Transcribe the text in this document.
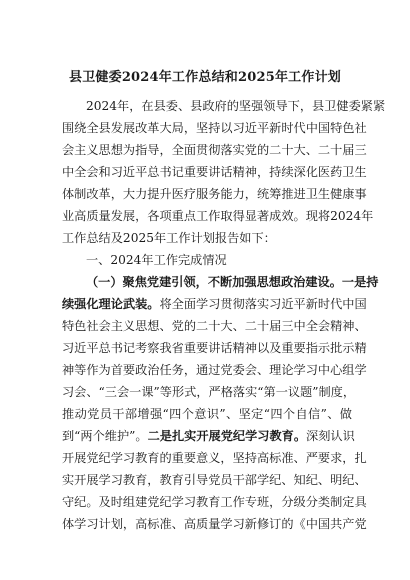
县卫健委2024年工作总结和2025年工作计划
2024年，在县委、县政府的坚强领导下，县卫健委紧紧
围绕全县发展改革大局，坚持以习近平新时代中国特色社
会主义思想为指导，全面贯彻落实党的二十大、二十届三
中全会和习近平总书记重要讲话精神，持续深化医药卫生
体制改革，大力提升医疗服务能力，统筹推进卫生健康事
业高质量发展，各项重点工作取得显著成效。现将2024年
工作总结及2025年工作计划报告如下：
一、2024年工作完成情况
（一）聚焦党建引领，不断加强思想政治建设。一是持
续强化理论武装。将全面学习贯彻落实习近平新时代中国
特色社会主义思想、党的二十大、二十届三中全会精神、
习近平总书记考察我省重要讲话精神以及重要指示批示精
神等作为首要政治任务，通过党委会、理论学习中心组学
习会、“三会一课”等形式，严格落实“第一议题”制度，
推动党员干部增强“四个意识”、坚定“四个自信”、做
到“两个维护”。二是扎实开展党纪学习教育。深刻认识
开展党纪学习教育的重要意义，坚持高标准、严要求，扎
实开展学习教育，教育引导党员干部学纪、知纪、明纪、
守纪。及时组建党纪学习教育工作专班，分级分类制定具
体学习计划，高标准、高质量学习新修订的《中国共产党
